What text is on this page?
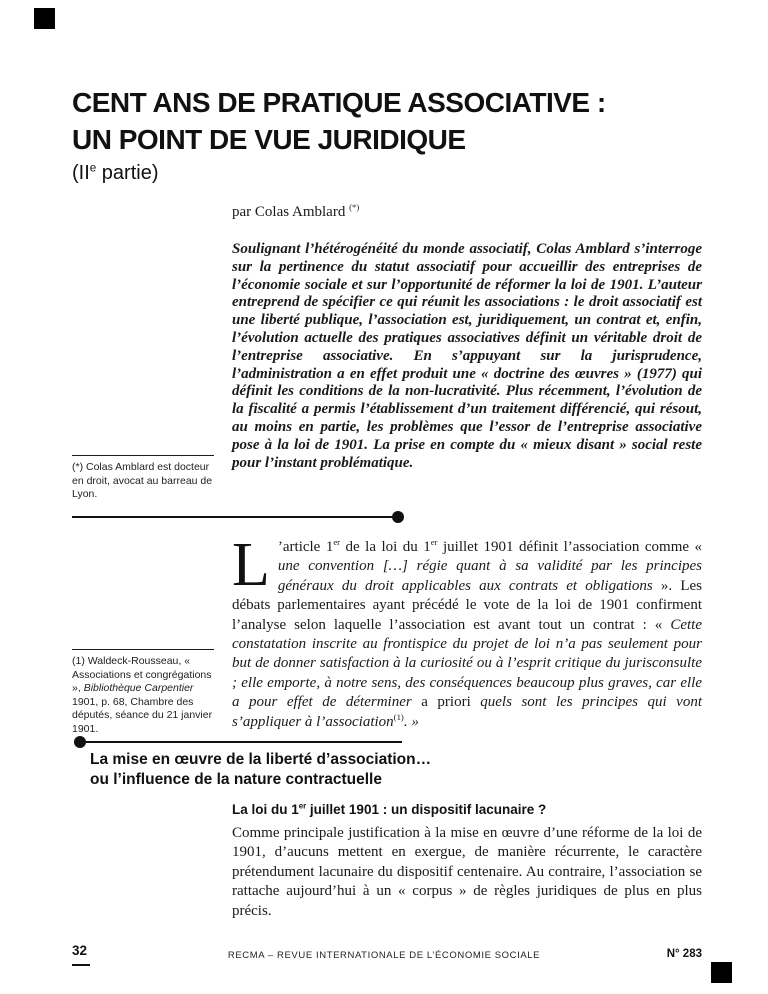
CENT ANS DE PRATIQUE ASSOCIATIVE :
UN POINT DE VUE JURIDIQUE
(IIe partie)
par Colas Amblard (*)

Soulignant l’hétérogénéité du monde associatif, Colas Amblard s’interroge sur la pertinence du statut associatif pour accueillir des entreprises de l’économie sociale et sur l’opportunité de réformer la loi de 1901. L’auteur entreprend de spécifier ce qui réunit les associations : le droit associatif est une liberté publique, l’association est, juridiquement, un contrat et, enfin, l’évolution actuelle des pratiques associatives définit un véritable droit de l’entreprise associative. En s’appuyant sur la jurisprudence, l’administration a en effet produit une « doctrine des œuvres » (1977) qui définit les conditions de la non-lucrativité. Plus récemment, l’évolution de la fiscalité a permis l’établissement d’un traitement différencié, qui résout, au moins en partie, les problèmes que l’essor de l’entreprise associative pose à la loi de 1901. La prise en compte du « mieux disant » social reste pour l’instant problématique.

(*) Colas Amblard est docteur en droit, avocat au barreau de Lyon.
L ’article 1er de la loi du 1er juillet 1901 définit l’association comme « une convention […] régie quant à sa validité par les principes généraux du droit applicables aux contrats et obligations ». Les débats parlementaires ayant précédé le vote de la loi de 1901 confirment l’analyse selon laquelle l’association est avant tout un contrat : « Cette constatation inscrite au frontispice du projet de loi n’a pas seulement pour but de donner satisfaction à la curiosité ou à l’esprit critique du jurisconsulte ; elle emporte, à notre sens, des conséquences beaucoup plus graves, car elle a pour effet de déterminer a priori quels sont les principes qui vont s’appliquer à l’association$^{(1)}$. »
(1) Waldeck-Rousseau, « Associations et congrégations », Bibliothèque Carpentier 1901, p. 68, Chambre des députés, séance du 21 janvier 1901.
La mise en œuvre de la liberté d’association…
ou l’influence de la nature contractuelle
La loi du 1er juillet 1901 : un dispositif lacunaire ?

Comme principale justification à la mise en œuvre d’une réforme de la loi de 1901, d’aucuns mettent en exergue, de manière récurrente, le caractère prétendument lacunaire du dispositif centenaire. Au contraire, l’association se rattache aujourd’hui à un « corpus » de règles juridiques de plus en plus précis.

32	RECMA – REVUE INTERNATIONALE DE L’ÉCONOMIE SOCIALE	N° 283
